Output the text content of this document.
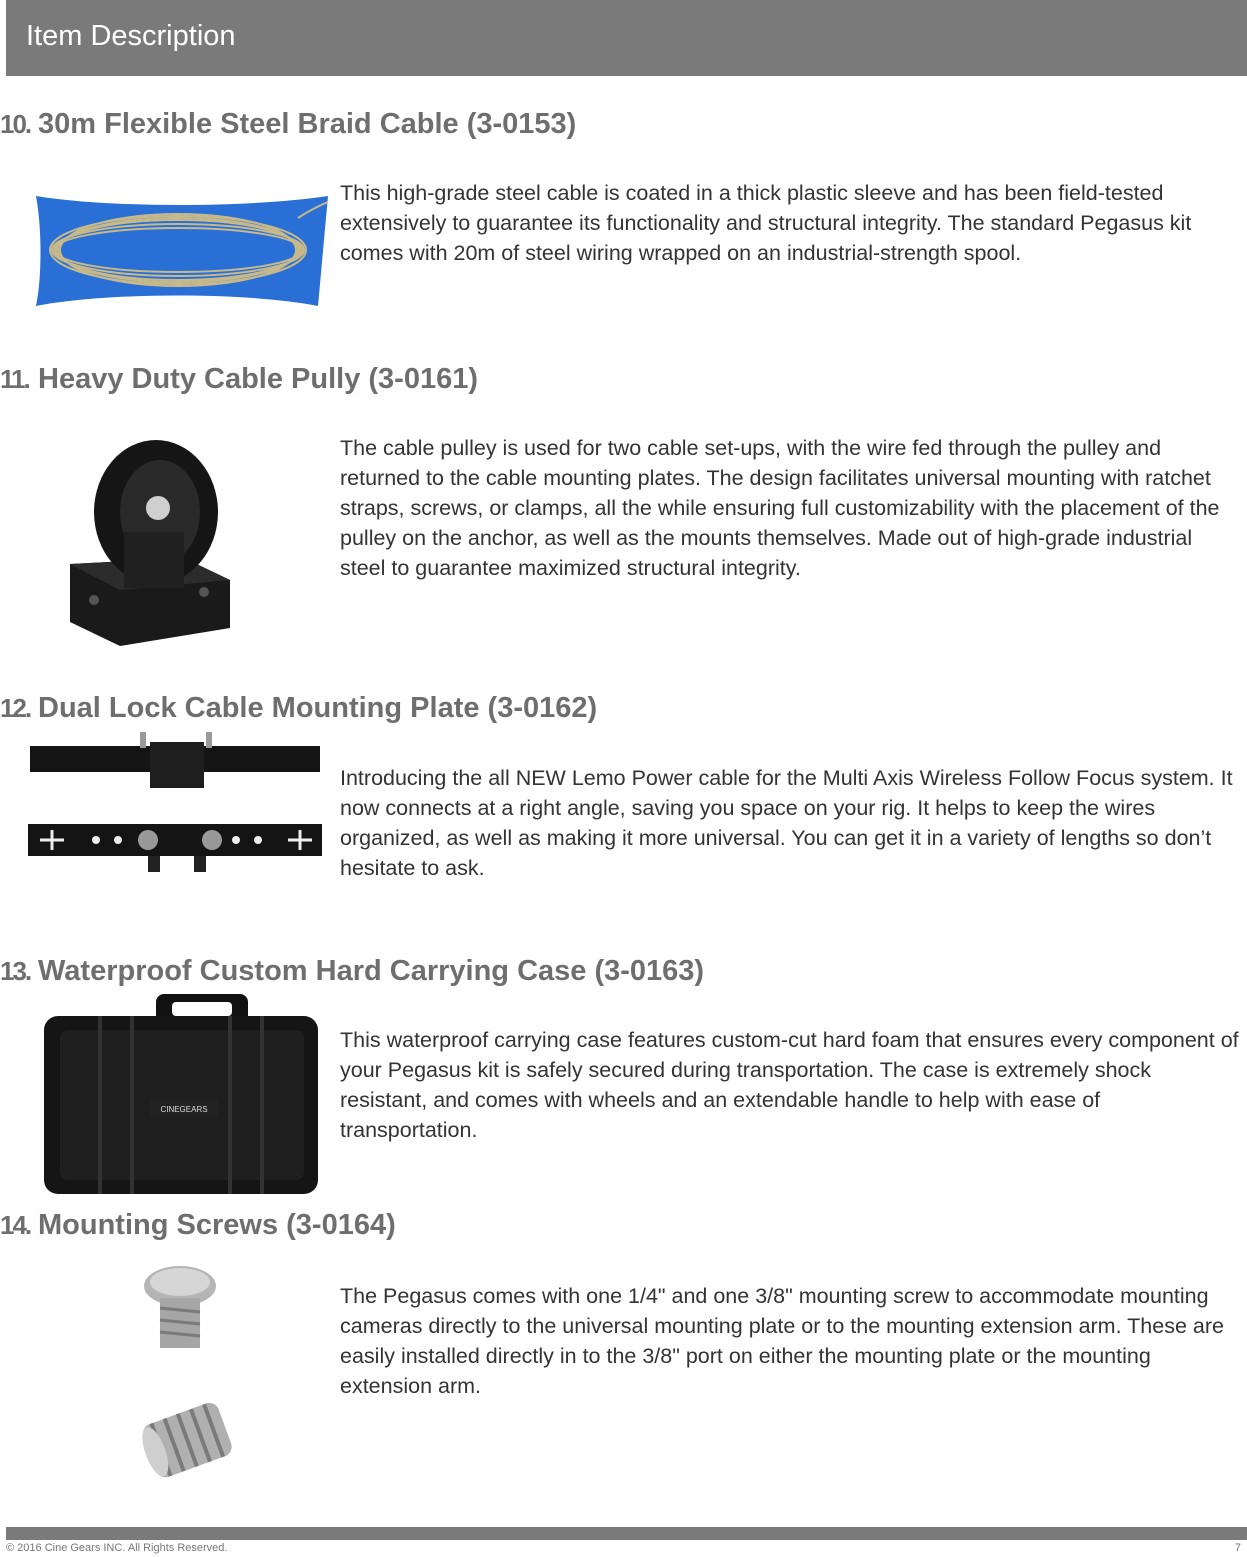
Item Description
10. 30m Flexible Steel Braid Cable (3-0153)
This high-grade steel cable is coated in a thick plastic sleeve and has been field-tested extensively to guarantee its functionality and structural integrity. The standard Pegasus kit comes with 20m of steel wiring wrapped on an industrial-strength spool.
11. Heavy Duty Cable Pully (3-0161)
The cable pulley is used for two cable set-ups, with the wire fed through the pulley and returned to the cable mounting plates. The design facilitates universal mounting with ratchet straps, screws, or clamps, all the while ensuring full customizability with the placement of the pulley on the anchor, as well as the mounts themselves. Made out of high-grade industrial steel to guarantee maximized structural integrity.
12. Dual Lock Cable Mounting Plate (3-0162)
Introducing the all NEW Lemo Power cable for the Multi Axis Wireless Follow Focus system. It now connects at a right angle, saving you space on your rig. It helps to keep the wires organized, as well as making it more universal. You can get it in a variety of lengths so don’t hesitate to ask.
13. Waterproof Custom Hard Carrying Case (3-0163)
CINEGEARS
This waterproof carrying case features custom-cut hard foam that ensures every component of your Pegasus kit is safely secured during transportation. The case is extremely shock resistant, and comes with wheels and an extendable handle to help with ease of transportation.
14. Mounting Screws (3-0164)
The Pegasus comes with one 1/4" and one 3/8" mounting screw to accommodate mounting cameras directly to the universal mounting plate or to the mounting extension arm. These are easily installed directly in to the 3/8" port on either the mounting plate or the mounting extension arm.
© 2016 Cine Gears INC. All Rights Reserved.	7
